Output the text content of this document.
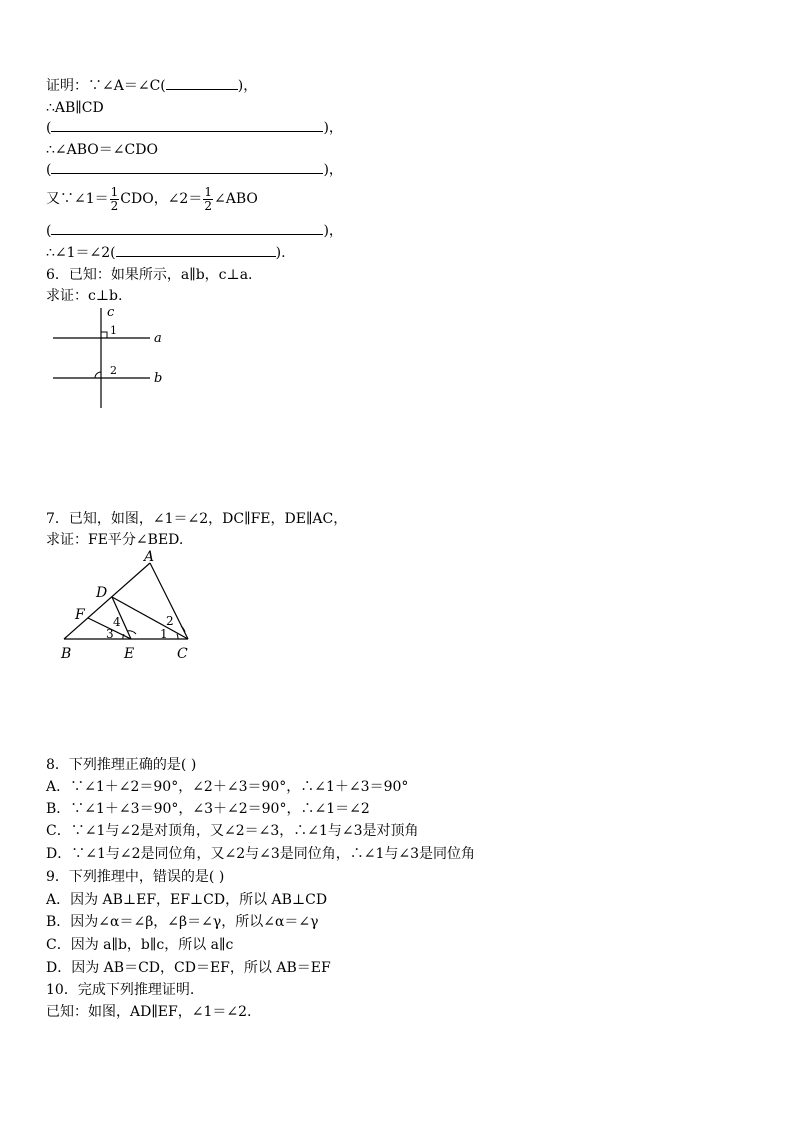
证明：∵∠A＝∠C(	)，
∴AB∥CD
(	)，
∴∠ABO＝∠CDO
(	)，
又∵∠1＝ $\frac{1}{2}$ CDO，∠2＝ $\frac{1}{2}$ ∠ABO
(	)，
∴∠1＝∠2(	).
6．已知：如果所示，a∥b，c⊥a.
求证：c⊥b.
c
a
b
1
2
7．已知，如图，∠1＝∠2，DC∥FE，DE∥AC，
求证：FE平分∠BED.
A
D
F
B	E	C
3
4
1
2
8．下列推理正确的是( )
A．∵∠1＋∠2＝90°，∠2＋∠3＝90°，∴∠1＋∠3＝90°
B．∵∠1＋∠3＝90°，∠3＋∠2＝90°，∴∠1＝∠2
C．∵∠1与∠2是对顶角，又∠2＝∠3，∴∠1与∠3是对顶角
D．∵∠1与∠2是同位角，又∠2与∠3是同位角，∴∠1与∠3是同位角
9．下列推理中，错误的是( )
A．因为 AB⊥EF，EF⊥CD，所以 AB⊥CD
B．因为∠α＝∠β，∠β＝∠γ，所以∠α＝∠γ
C．因为 a∥b，b∥c，所以 a∥c
D．因为 AB＝CD，CD＝EF，所以 AB＝EF
10．完成下列推理证明.
已知：如图，AD∥EF，∠1＝∠2.
